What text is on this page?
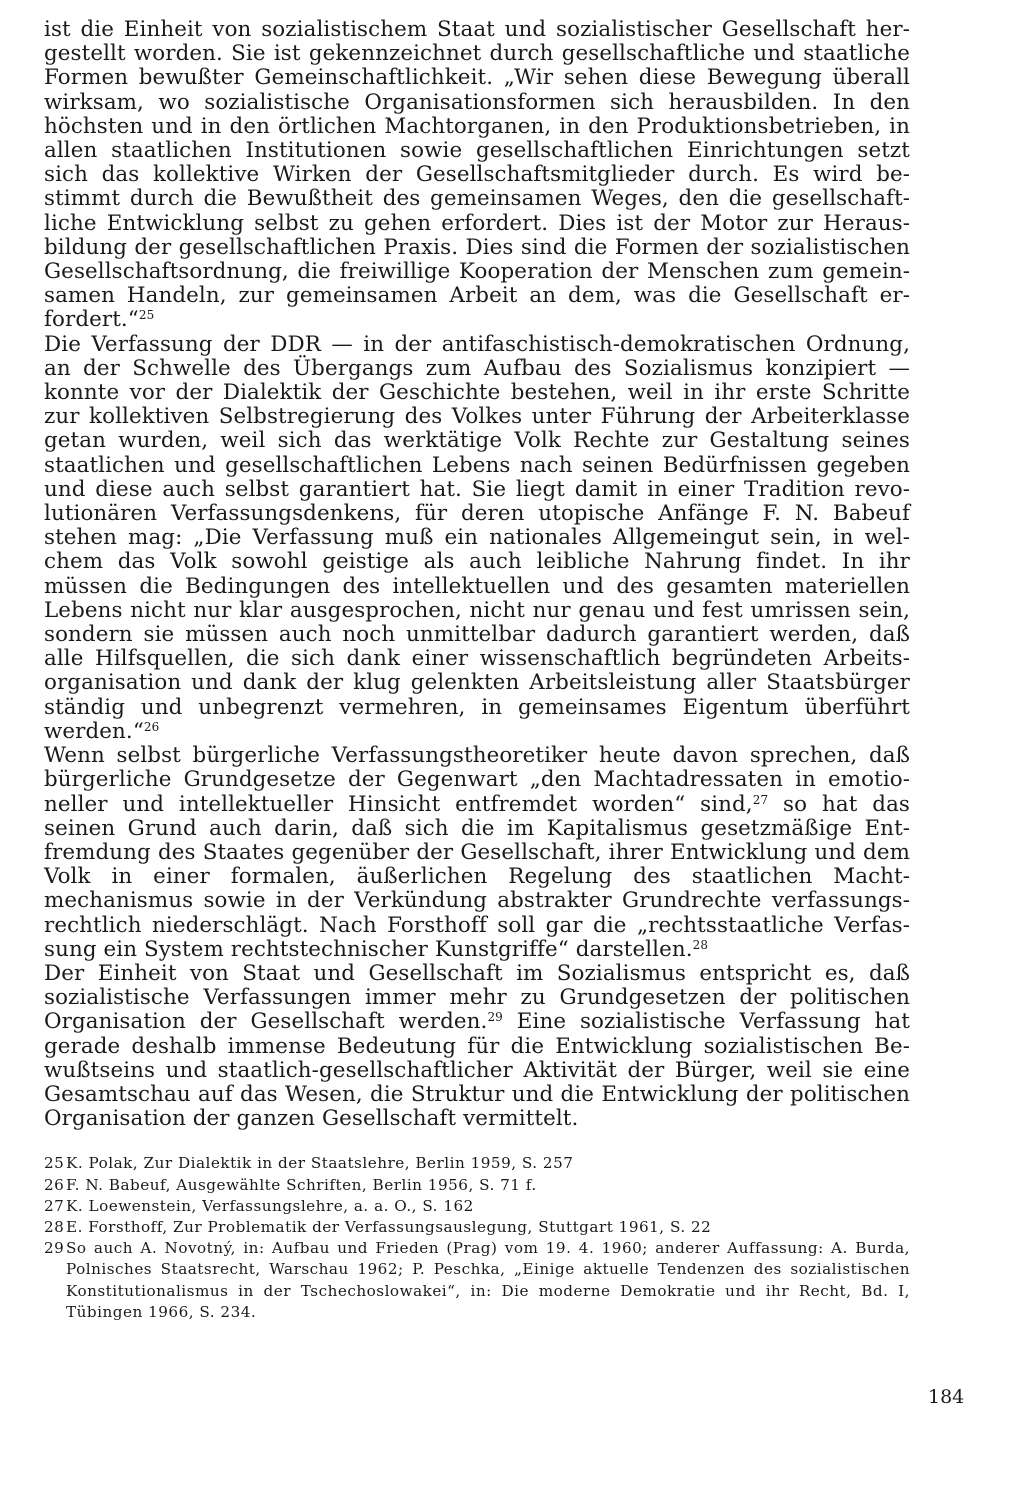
ist die Einheit von sozialistischem Staat und sozialistischer Gesellschaft hergestellt worden. Sie ist gekennzeichnet durch gesellschaftliche und staatliche Formen bewußter Gemeinschaftlichkeit. „Wir sehen diese Bewegung überall wirksam, wo sozialistische Organisationsformen sich herausbilden. In den höchsten und in den örtlichen Machtorganen, in den Produktionsbetrieben, in allen staatlichen Institutionen sowie gesellschaftlichen Einrichtungen setzt sich das kollektive Wirken der Gesellschaftsmitglieder durch. Es wird bestimmt durch die Bewußtheit des gemeinsamen Weges, den die gesellschaftliche Entwicklung selbst zu gehen erfordert. Dies ist der Motor zur Herausbildung der gesellschaftlichen Praxis. Dies sind die Formen der sozialistischen Gesellschaftsordnung, die freiwillige Kooperation der Menschen zum gemeinsamen Handeln, zur gemeinsamen Arbeit an dem, was die Gesellschaft erfordert.“$^{25}$

Die Verfassung der DDR — in der antifaschistisch-demokratischen Ordnung, an der Schwelle des Übergangs zum Aufbau des Sozialismus konzipiert — konnte vor der Dialektik der Geschichte bestehen, weil in ihr erste Schritte zur kollektiven Selbstregierung des Volkes unter Führung der Arbeiterklasse getan wurden, weil sich das werktätige Volk Rechte zur Gestaltung seines staatlichen und gesellschaftlichen Lebens nach seinen Bedürfnissen gegeben und diese auch selbst garantiert hat. Sie liegt damit in einer Tradition revolutionären Verfassungsdenkens, für deren utopische Anfänge F. N. Babeuf stehen mag: „Die Verfassung muß ein nationales Allgemeingut sein, in welchem das Volk sowohl geistige als auch leibliche Nahrung findet. In ihr müssen die Bedingungen des intellektuellen und des gesamten materiellen Lebens nicht nur klar ausgesprochen, nicht nur genau und fest umrissen sein, sondern sie müssen auch noch unmittelbar dadurch garantiert werden, daß alle Hilfsquellen, die sich dank einer wissenschaftlich begründeten Arbeitsorganisation und dank der klug gelenkten Arbeitsleistung aller Staatsbürger ständig und unbegrenzt vermehren, in gemeinsames Eigentum überführt werden.“$^{26}$

Wenn selbst bürgerliche Verfassungstheoretiker heute davon sprechen, daß bürgerliche Grundgesetze der Gegenwart „den Machtadressaten in emotioneller und intellektueller Hinsicht entfremdet worden“ sind,$^{27}$ so hat das seinen Grund auch darin, daß sich die im Kapitalismus gesetzmäßige Entfremdung des Staates gegenüber der Gesellschaft, ihrer Entwicklung und dem Volk in einer formalen, äußerlichen Regelung des staatlichen Machtmechanismus sowie in der Verkündung abstrakter Grundrechte verfassungsrechtlich niederschlägt. Nach Forsthoff soll gar die „rechtsstaatliche Verfassung ein System rechtstechnischer Kunstgriffe“ darstellen.$^{28}$

Der Einheit von Staat und Gesellschaft im Sozialismus entspricht es, daß sozialistische Verfassungen immer mehr zu Grundgesetzen der politischen Organisation der Gesellschaft werden.$^{29}$ Eine sozialistische Verfassung hat gerade deshalb immense Bedeutung für die Entwicklung sozialistischen Bewußtseins und staatlich-gesellschaftlicher Aktivität der Bürger, weil sie eine Gesamtschau auf das Wesen, die Struktur und die Entwicklung der politischen Organisation der ganzen Gesellschaft vermittelt.

25 K. Polak, Zur Dialektik in der Staatslehre, Berlin 1959, S. 257
26 F. N. Babeuf, Ausgewählte Schriften, Berlin 1956, S. 71 f.
27 K. Loewenstein, Verfassungslehre, a. a. O., S. 162
28 E. Forsthoff, Zur Problematik der Verfassungsauslegung, Stuttgart 1961, S. 22
29 So auch A. Novotný, in: Aufbau und Frieden (Prag) vom 19. 4. 1960; anderer Auffassung: A. Burda, Polnisches Staatsrecht, Warschau 1962; P. Peschka, „Einige aktuelle Tendenzen des sozialistischen Konstitutionalismus in der Tschechoslowakei“, in: Die moderne Demokratie und ihr Recht, Bd. I, Tübingen 1966, S. 234.
184
